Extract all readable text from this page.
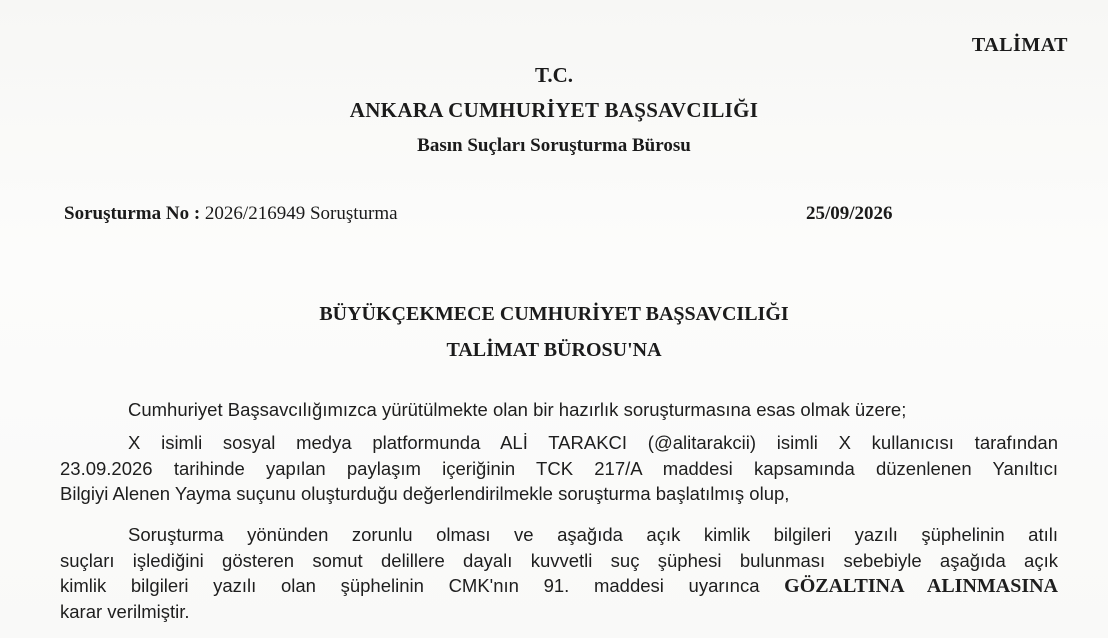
TALİMAT
T.C.
ANKARA CUMHURİYET BAŞSAVCILIĞI
Basın Suçları Soruşturma Bürosu
Soruşturma No : 2026/216949 Soruşturma	25/09/2026
BÜYÜKÇEKMECE CUMHURİYET BAŞSAVCILIĞI
TALİMAT BÜROSU'NA
Cumhuriyet Başsavcılığımızca yürütülmekte olan bir hazırlık soruşturmasına esas olmak üzere;
X isimli sosyal medya platformunda ALİ TARAKCI (@alitarakcii) isimli X kullanıcısı tarafından
23.09.2026 tarihinde yapılan paylaşım içeriğinin TCK 217/A maddesi kapsamında düzenlenen Yanıltıcı
Bilgiyi Alenen Yayma suçunu oluşturduğu değerlendirilmekle soruşturma başlatılmış olup,
Soruşturma yönünden zorunlu olması ve aşağıda açık kimlik bilgileri yazılı şüphelinin atılı
suçları işlediğini gösteren somut delillere dayalı kuvvetli suç şüphesi bulunması sebebiyle aşağıda açık
kimlik bilgileri yazılı olan şüphelinin CMK'nın 91. maddesi uyarınca GÖZALTINA ALINMASINA
karar verilmiştir.
